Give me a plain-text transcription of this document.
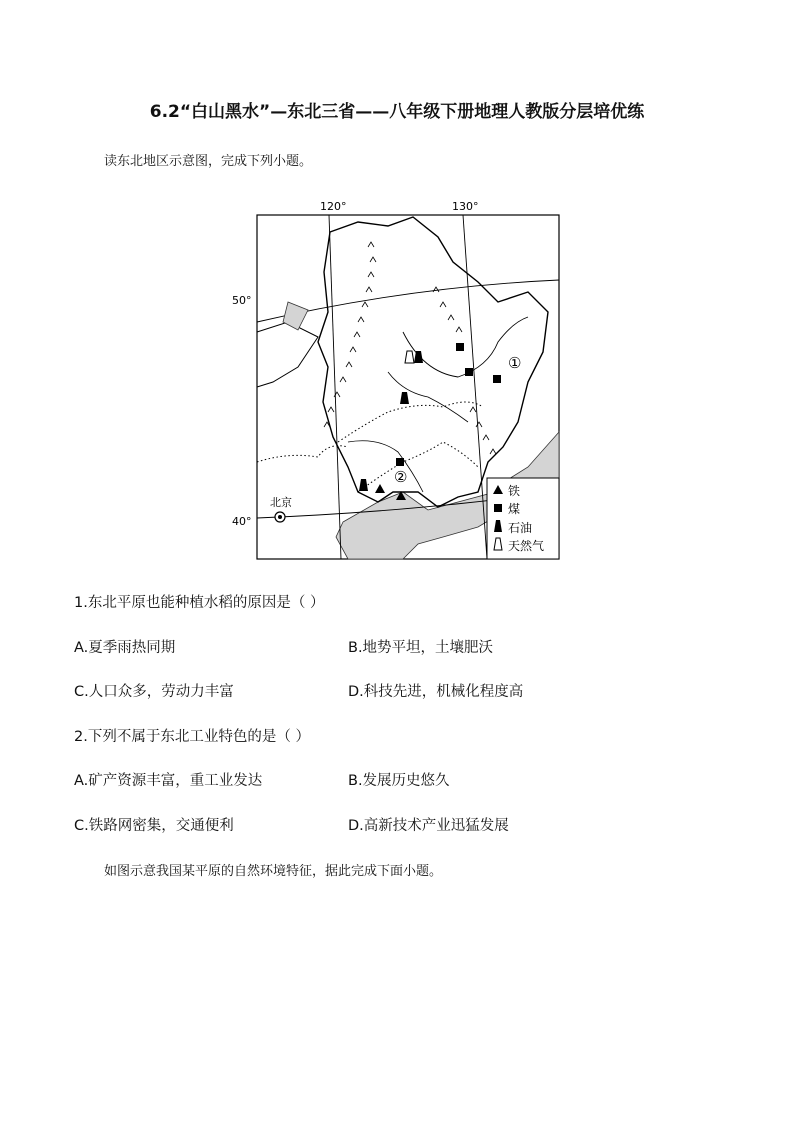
6.2“白山黑水”—东北三省——八年级下册地理人教版分层培优练
读东北地区示意图，完成下列小题。
120°	130°
50°
40°
北京
①
②
铁
煤
石油
天然气
1.东北平原也能种植水稻的原因是（ ）
A.夏季雨热同期	B.地势平坦，土壤肥沃
C.人口众多，劳动力丰富	D.科技先进，机械化程度高
2.下列不属于东北工业特色的是（ ）
A.矿产资源丰富，重工业发达	B.发展历史悠久
C.铁路网密集，交通便利	D.高新技术产业迅猛发展
如图示意我国某平原的自然环境特征，据此完成下面小题。
